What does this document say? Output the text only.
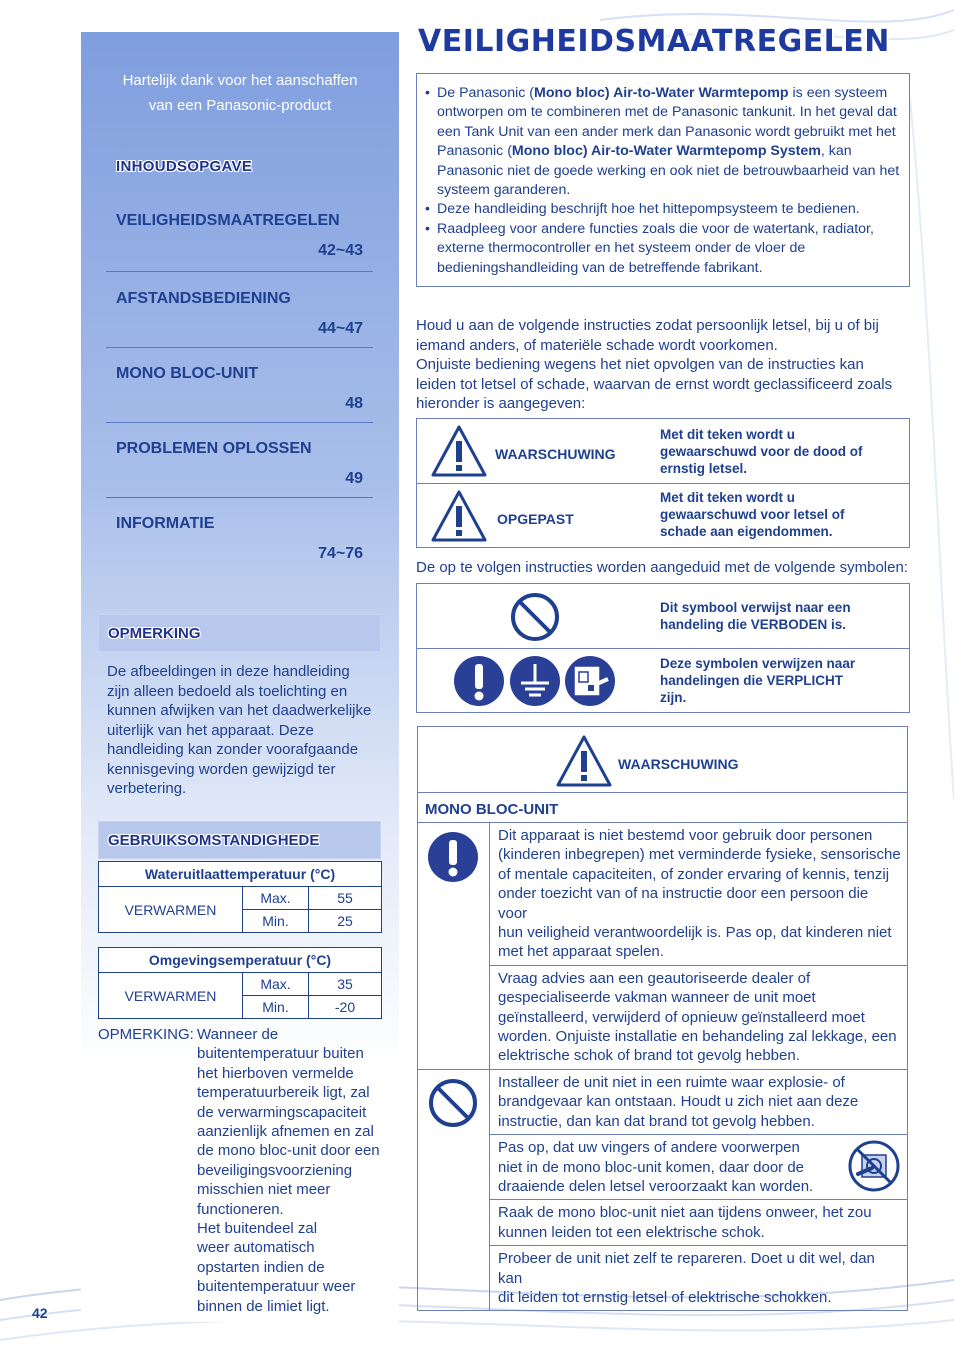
Hartelijk dank voor het aanschaffen
van een Panasonic-product
INHOUDSOPGAVE
VEILIGHEIDSMAATREGELEN
42~43
AFSTANDSBEDIENING
44~47
MONO BLOC-UNIT
48
PROBLEMEN OPLOSSEN
49
INFORMATIE
74~76
OPMERKING
De afbeeldingen in deze handleiding zijn alleen bedoeld als toelichting en kunnen afwijken van het daadwerkelijke uiterlijk van het apparaat. Deze handleiding kan zonder voorafgaande kennisgeving worden gewijzigd ter verbetering.
GEBRUIKSOMSTANDIGHEDE
Wateruitlaattemperatuur (°C)		
VERWARMEN	Max.	55
	Min.	25
Omgevingsemperatuur (°C)		
VERWARMEN	Max.	35
	Min.	-20
OPMERKING: Wanneer de
buitentemperatuur buiten
het hierboven vermelde
temperatuurbereik ligt, zal
de verwarmingscapaciteit
aanzienlijk afnemen en zal
de mono bloc-unit door een
beveiligingsvoorziening
misschien niet meer
functioneren.
Het buitendeel zal
weer automatisch
opstarten indien de
buitentemperatuur weer
binnen de limiet ligt.
42
VEILIGHEIDSMAATREGELEN
• De Panasonic (Mono bloc) Air-to-Water Warmtepomp is een systeem ontworpen om te combineren met de Panasonic tankunit. In het geval dat een Tank Unit van een ander merk dan Panasonic wordt gebruikt met het Panasonic (Mono bloc) Air-to-Water Warmtepomp System, kan Panasonic niet de goede werking en ook niet de betrouwbaarheid van het systeem garanderen.
• Deze handleiding beschrijft hoe het hittepompsysteem te bedienen.
• Raadpleeg voor andere functies zoals die voor de watertank, radiator, externe thermocontroller en het systeem onder de vloer de bedieningshandleiding van de betreffende fabrikant.
Houd u aan de volgende instructies zodat persoonlijk letsel, bij u of bij
iemand anders, of materiële schade wordt voorkomen.
Onjuiste bediening wegens het niet opvolgen van de instructies kan
leiden tot letsel of schade, waarvan de ernst wordt geclassificeerd zoals
hieronder is aangegeven:
WAARSCHUWING
Met dit teken wordt u
gewaarschuwd voor de dood of
ernstig letsel.
OPGEPAST
Met dit teken wordt u
gewaarschuwd voor letsel of
schade aan eigendommen.
De op te volgen instructies worden aangeduid met de volgende symbolen:
Dit symbool verwijst naar een
handeling die VERBODEN is.
Deze symbolen verwijzen naar
handelingen die VERPLICHT
zijn.
WAARSCHUWING
MONO BLOC-UNIT
Dit apparaat is niet bestemd voor gebruik door personen
(kinderen inbegrepen) met verminderde fysieke, sensorische
of mentale capaciteiten, of zonder ervaring of kennis, tenzij
onder toezicht van of na instructie door een persoon die voor
hun veiligheid verantwoordelijk is. Pas op, dat kinderen niet
met het apparaat spelen.
Vraag advies aan een geautoriseerde dealer of
gespecialiseerde vakman wanneer de unit moet
geïnstalleerd, verwijderd of opnieuw geïnstalleerd moet
worden. Onjuiste installatie en behandeling zal lekkage, een
elektrische schok of brand tot gevolg hebben.
Installeer de unit niet in een ruimte waar explosie- of
brandgevaar kan ontstaan. Houdt u zich niet aan deze
instructie, dan kan dat brand tot gevolg hebben.
Pas op, dat uw vingers of andere voorwerpen
niet in de mono bloc-unit komen, daar door de
draaiende delen letsel veroorzaakt kan worden.
Raak de mono bloc-unit niet aan tijdens onweer, het zou
kunnen leiden tot een elektrische schok.
Probeer de unit niet zelf te repareren. Doet u dit wel, dan kan
dit leiden tot ernstig letsel of elektrische schokken.
